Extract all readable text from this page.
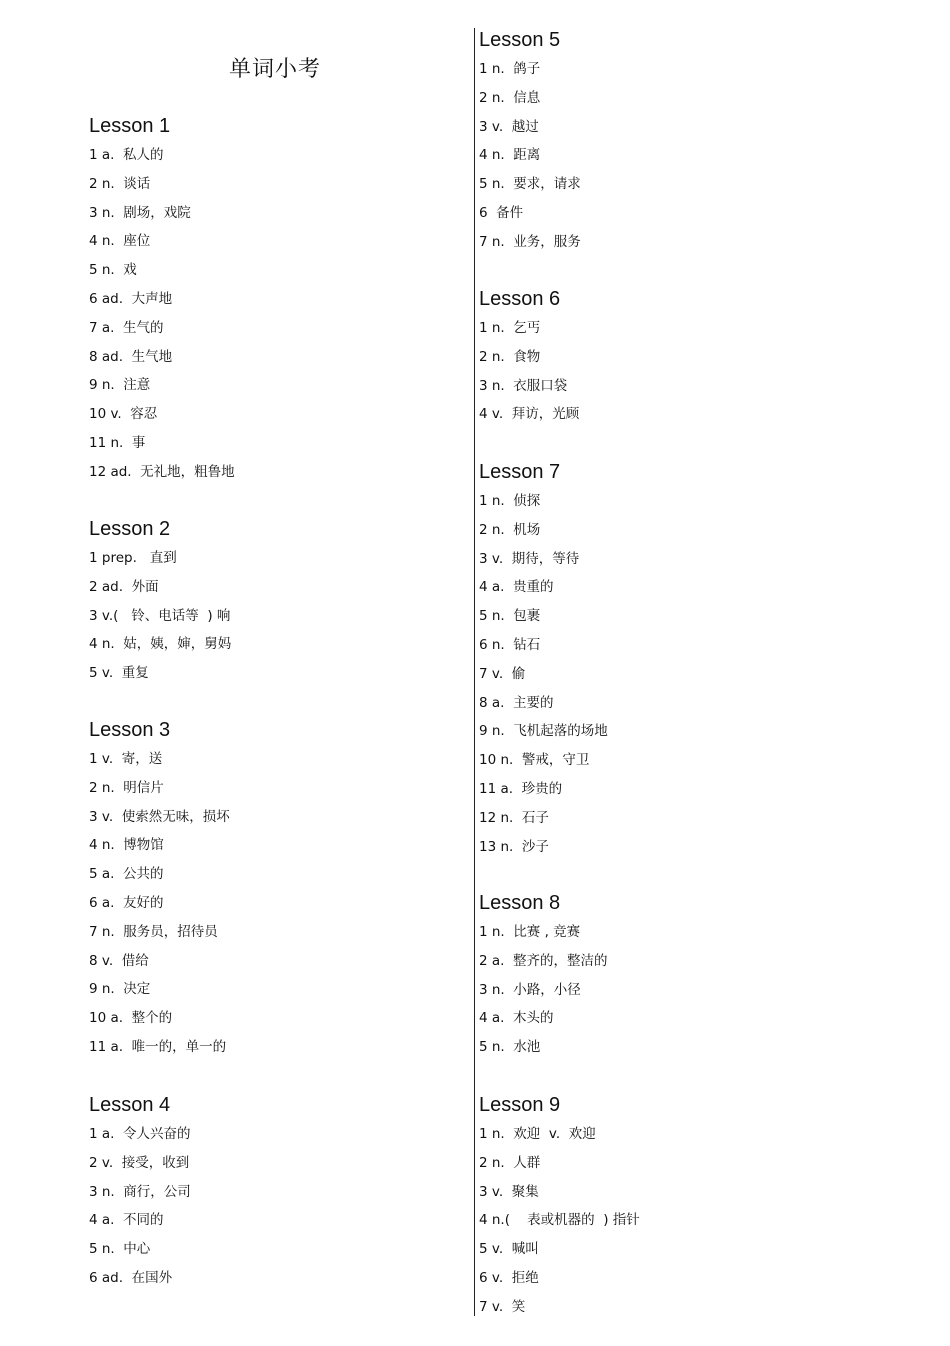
单词小考
Lesson 1
1 a.  私人的
2 n.  谈话
3 n.  剧场，戏院
4 n.  座位
5 n.  戏
6 ad.  大声地
7 a.  生气的
8 ad.  生气地
9 n.  注意
10 v.  容忍
11 n.  事
12 ad.  无礼地，粗鲁地
Lesson 2
1 prep.   直到
2 ad.  外面
3 v.(   铃、电话等  ) 响
4 n.  姑，姨，婶，舅妈
5 v.  重复
Lesson 3
1 v.  寄，送
2 n.  明信片
3 v.  使索然无味，损坏
4 n.  博物馆
5 a.  公共的
6 a.  友好的
7 n.  服务员，招待员
8 v.  借给
9 n.  决定
10 a.  整个的
11 a.  唯一的，单一的
Lesson 4
1 a.  令人兴奋的
2 v.  接受，收到
3 n.  商行，公司
4 a.  不同的
5 n.  中心
6 ad.  在国外
Lesson 5
1 n.  鸽子
2 n.  信息
3 v.  越过
4 n.  距离
5 n.  要求，请求
6  备件
7 n.  业务，服务
Lesson 6
1 n.  乞丐
2 n.  食物
3 n.  衣服口袋
4 v.  拜访，光顾
Lesson 7
1 n.  侦探
2 n.  机场
3 v.  期待，等待
4 a.  贵重的
5 n.  包裹
6 n.  钻石
7 v.  偷
8 a.  主要的
9 n.  飞机起落的场地
10 n.  警戒，守卫
11 a.  珍贵的
12 n.  石子
13 n.  沙子
Lesson 8
1 n.  比赛 , 竞赛
2 a.  整齐的，整洁的
3 n.  小路，小径
4 a.  木头的
5 n.  水池
Lesson 9
1 n.  欢迎  v.  欢迎
2 n.  人群
3 v.  聚集
4 n.(    表或机器的  ) 指针
5 v.  喊叫
6 v.  拒绝
7 v.  笑
